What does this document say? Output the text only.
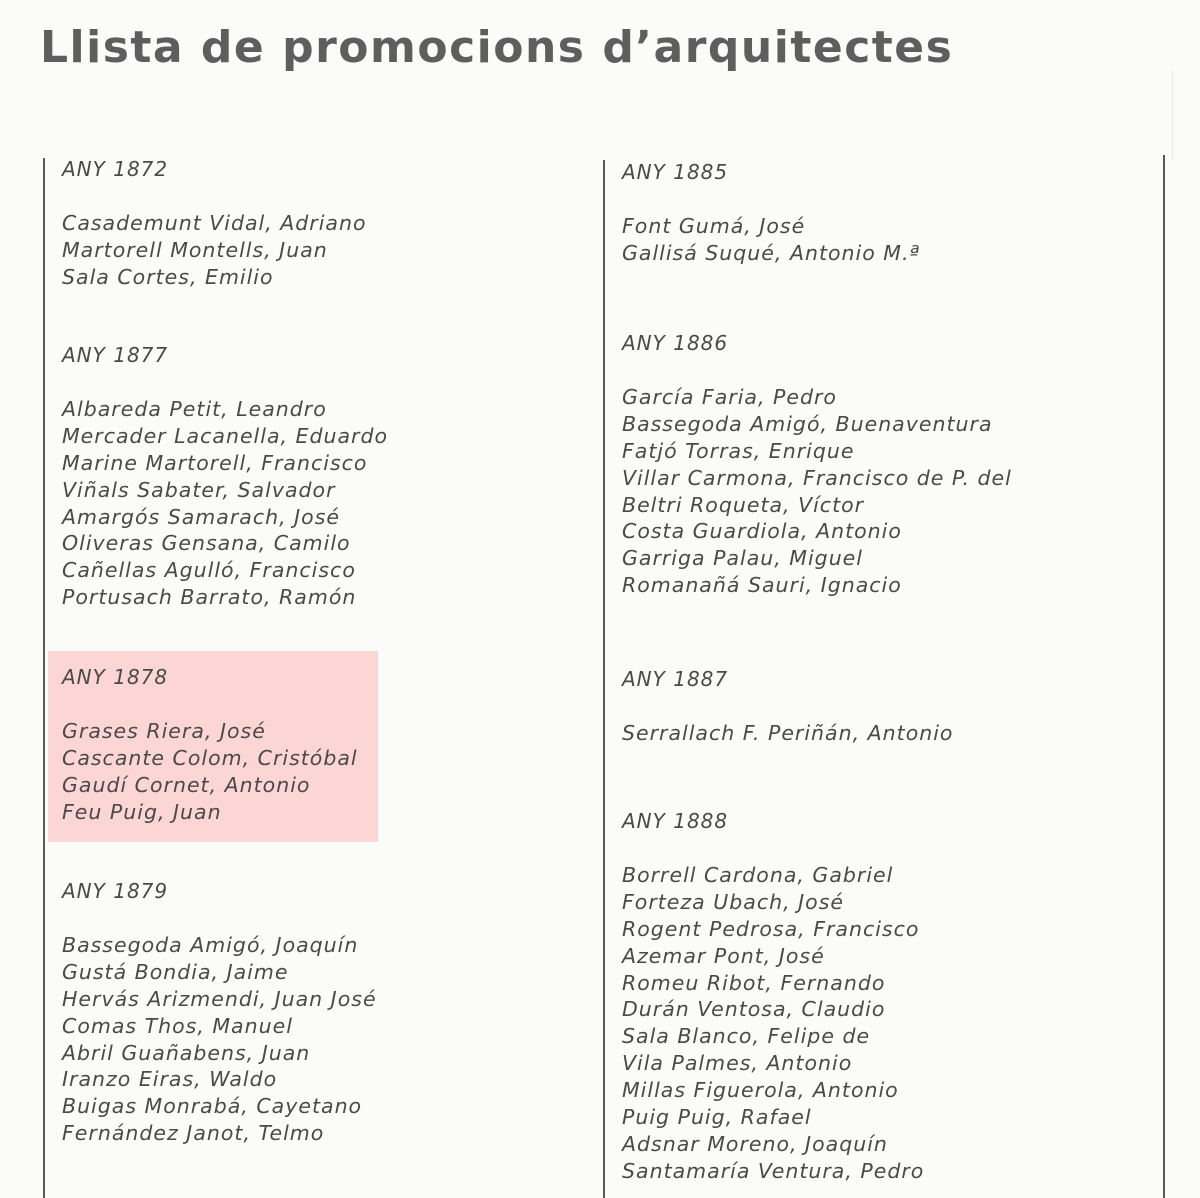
Llista de promocions d’arquitectes
ANY 1872
Casademunt Vidal, Adriano
Martorell Montells, Juan
Sala Cortes, Emilio
ANY 1877
Albareda Petit, Leandro
Mercader Lacanella, Eduardo
Marine Martorell, Francisco
Viñals Sabater, Salvador
Amargós Samarach, José
Oliveras Gensana, Camilo
Cañellas Agulló, Francisco
Portusach Barrato, Ramón
ANY 1878
Grases Riera, José
Cascante Colom, Cristóbal
Gaudí Cornet, Antonio
Feu Puig, Juan
ANY 1879
Bassegoda Amigó, Joaquín
Gustá Bondia, Jaime
Hervás Arizmendi, Juan José
Comas Thos, Manuel
Abril Guañabens, Juan
Iranzo Eiras, Waldo
Buigas Monrabá, Cayetano
Fernández Janot, Telmo
ANY 1885
Font Gumá, José
Gallisá Suqué, Antonio M.ª
ANY 1886
García Faria, Pedro
Bassegoda Amigó, Buenaventura
Fatjó Torras, Enrique
Villar Carmona, Francisco de P. del
Beltri Roqueta, Víctor
Costa Guardiola, Antonio
Garriga Palau, Miguel
Romanañá Sauri, Ignacio
ANY 1887
Serrallach F. Periñán, Antonio
ANY 1888
Borrell Cardona, Gabriel
Forteza Ubach, José
Rogent Pedrosa, Francisco
Azemar Pont, José
Romeu Ribot, Fernando
Durán Ventosa, Claudio
Sala Blanco, Felipe de
Vila Palmes, Antonio
Millas Figuerola, Antonio
Puig Puig, Rafael
Adsnar Moreno, Joaquín
Santamaría Ventura, Pedro
